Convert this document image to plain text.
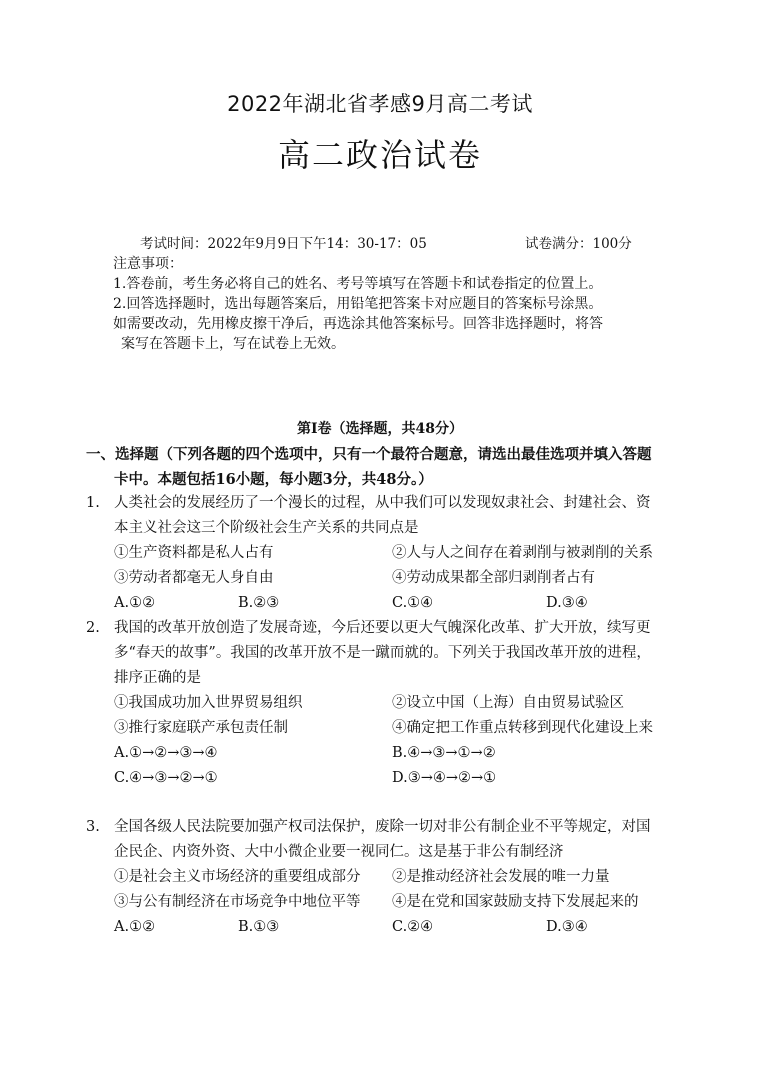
2022年湖北省孝感9月高二考试
高二政治试卷
考试时间：2022年9月9日下午14：30-17：05	试卷满分：100分
注意事项：
1.答卷前，考生务必将自己的姓名、考号等填写在答题卡和试卷指定的位置上。
2.回答选择题时，选出每题答案后，用铅笔把答案卡对应题目的答案标号涂黑。
如需要改动，先用橡皮擦干净后，再选涂其他答案标号。回答非选择题时，将答
案写在答题卡上，写在试卷上无效。
第Ⅰ卷（选择题，共48分）
一、选择题（下列各题的四个选项中，只有一个最符合题意，请选出最佳选项并填入答题
卡中。本题包括16小题，每小题3分，共48分。）
1. 人类社会的发展经历了一个漫长的过程，从中我们可以发现奴隶社会、封建社会、资
本主义社会这三个阶级社会生产关系的共同点是
①生产资料都是私人占有	②人与人之间存在着剥削与被剥削的关系
③劳动者都毫无人身自由	④劳动成果都全部归剥削者占有
A.①②	B.②③	C.①④	D.③④
2. 我国的改革开放创造了发展奇迹，今后还要以更大气魄深化改革、扩大开放，续写更
多“春天的故事”。我国的改革开放不是一蹴而就的。下列关于我国改革开放的进程，
排序正确的是
①我国成功加入世界贸易组织	②设立中国（上海）自由贸易试验区
③推行家庭联产承包责任制	④确定把工作重点转移到现代化建设上来
A.①→②→③→④	B.④→③→①→②
C.④→③→②→①	D.③→④→②→①
3. 全国各级人民法院要加强产权司法保护，废除一切对非公有制企业不平等规定，对国
企民企、内资外资、大中小微企业要一视同仁。这是基于非公有制经济
①是社会主义市场经济的重要组成部分 ②是推动经济社会发展的唯一力量
③与公有制经济在市场竞争中地位平等 ④是在党和国家鼓励支持下发展起来的
A.①②	B.①③	C.②④	D.③④
